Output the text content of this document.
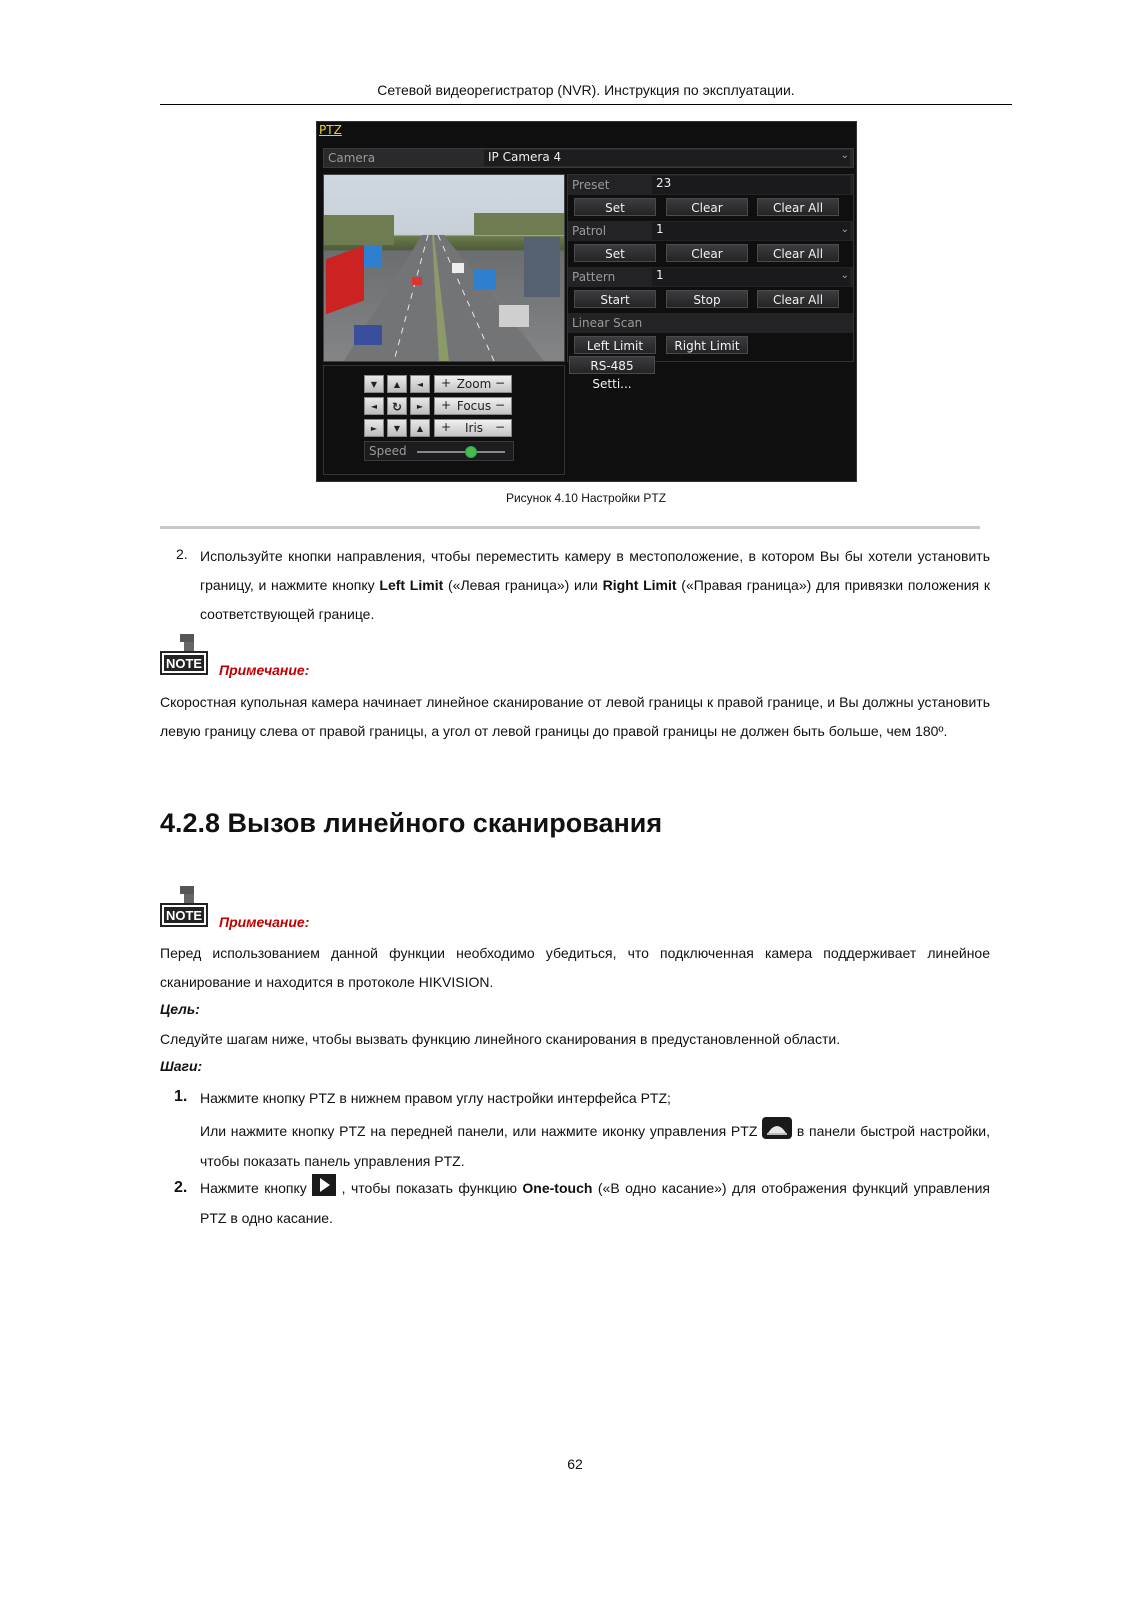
Сетевой видеорегистратор (NVR). Инструкция по эксплуатации.
PTZ
Camera	IP Camera 4	⌄
Preset	23
Set	Clear	Clear All
Patrol	1	⌄
Set	Clear	Clear All
Pattern	1	⌄
Start	Stop	Clear All
Linear Scan
Left Limit	Right Limit
RS-485 Setti...
▼	▲	◄
◄	↻	►
►	▼	▲
+ Zoom −
+ Focus −
+	Iris −
Speed
Рисунок 4.10 Настройки PTZ
2. Используйте кнопки направления, чтобы переместить камеру в местоположение, в котором Вы бы хотели установить границу, и нажмите кнопку Left Limit («Левая граница») или Right Limit («Правая граница») для привязки положения к соответствующей границе.
NOTE Примечание:
Скоростная купольная камера начинает линейное сканирование от левой границы к правой границе, и Вы должны установить левую границу слева от правой границы, а угол от левой границы до правой границы не должен быть больше, чем 180º.
4.2.8 Вызов линейного сканирования
NOTE Примечание:
Перед использованием данной функции необходимо убедиться, что подключенная камера поддерживает линейное сканирование и находится в протоколе HIKVISION.
Цель:
Следуйте шагам ниже, чтобы вызвать функцию линейного сканирования в предустановленной области.
Шаги:
1. Нажмите кнопку PTZ в нижнем правом углу настройки интерфейса PTZ;
Или нажмите кнопку PTZ на передней панели, или нажмите иконку управления PTZ  в панели быстрой настройки, чтобы показать панель управления PTZ.
2. Нажмите кнопку  , чтобы показать функцию One-touch («В одно касание») для отображения функций управления PTZ в одно касание.
62
